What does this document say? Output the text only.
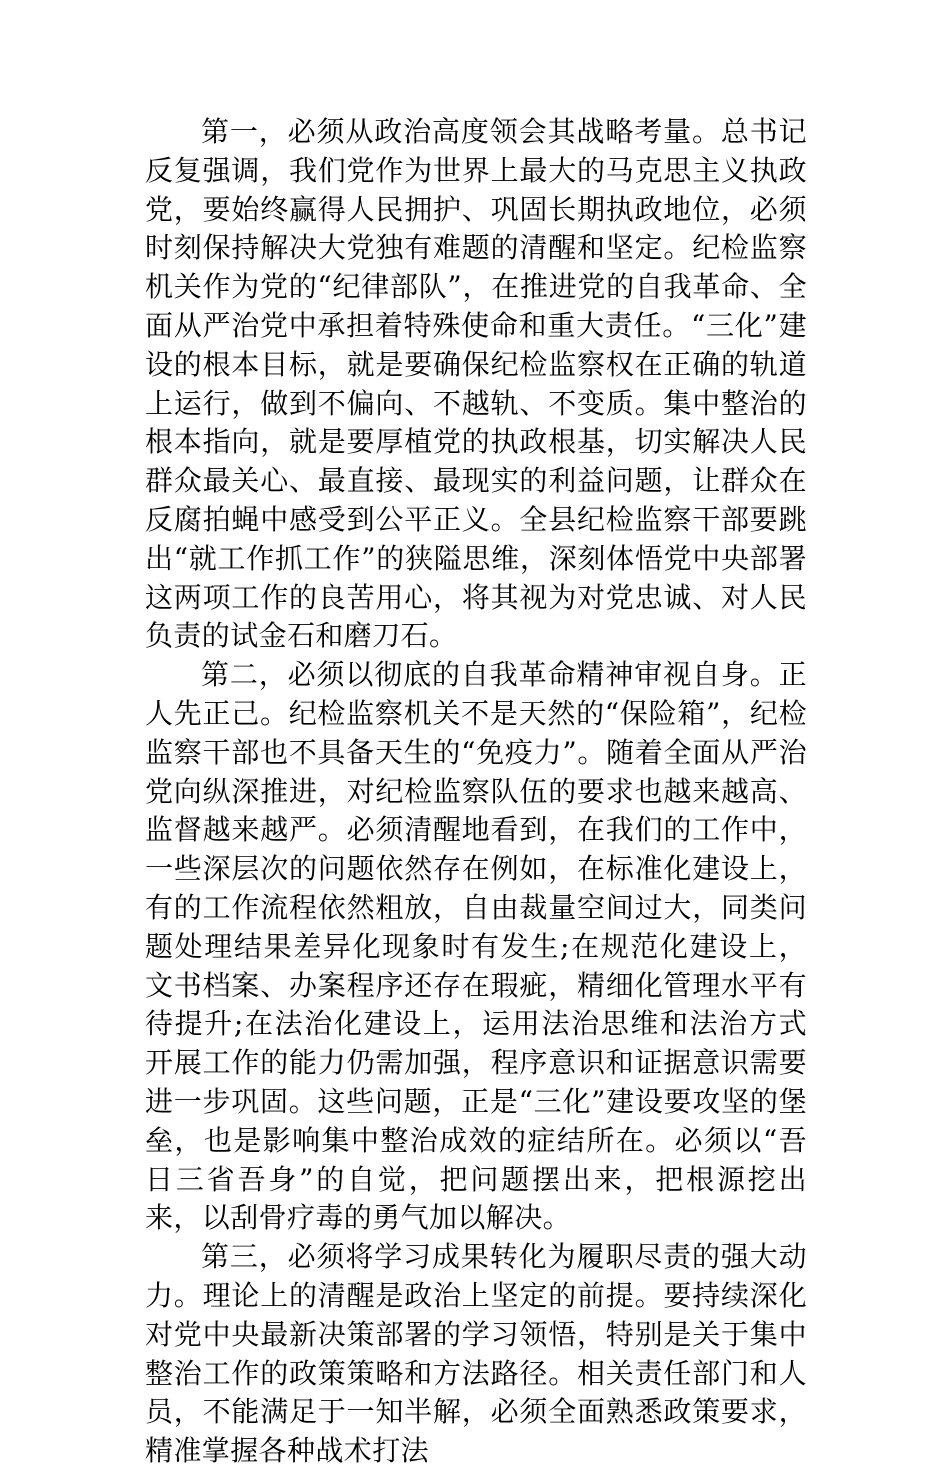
第一，必须从政治高度领会其战略考量。总书记反复强调，我们党作为世界上最大的马克思主义执政党，要始终赢得人民拥护、巩固长期执政地位，必须时刻保持解决大党独有难题的清醒和坚定。纪检监察机关作为党的“纪律部队”，在推进党的自我革命、全面从严治党中承担着特殊使命和重大责任。“三化”建设的根本目标，就是要确保纪检监察权在正确的轨道上运行，做到不偏向、不越轨、不变质。集中整治的根本指向，就是要厚植党的执政根基，切实解决人民群众最关心、最直接、最现实的利益问题，让群众在反腐拍蝇中感受到公平正义。全县纪检监察干部要跳出“就工作抓工作”的狭隘思维，深刻体悟党中央部署这两项工作的良苦用心，将其视为对党忠诚、对人民负责的试金石和磨刀石。

第二，必须以彻底的自我革命精神审视自身。正人先正己。纪检监察机关不是天然的“保险箱”，纪检监察干部也不具备天生的“免疫力”。随着全面从严治党向纵深推进，对纪检监察队伍的要求也越来越高、监督越来越严。必须清醒地看到，在我们的工作中，一些深层次的问题依然存在例如，在标准化建设上，有的工作流程依然粗放，自由裁量空间过大，同类问题处理结果差异化现象时有发生;在规范化建设上，文书档案、办案程序还存在瑕疵，精细化管理水平有待提升;在法治化建设上，运用法治思维和法治方式开展工作的能力仍需加强，程序意识和证据意识需要进一步巩固。这些问题，正是“三化”建设要攻坚的堡垒，也是影响集中整治成效的症结所在。必须以“吾日三省吾身”的自觉，把问题摆出来，把根源挖出来，以刮骨疗毒的勇气加以解决。

第三，必须将学习成果转化为履职尽责的强大动力。理论上的清醒是政治上坚定的前提。要持续深化对党中央最新决策部署的学习领悟，特别是关于集中整治工作的政策策略和方法路径。相关责任部门和人员，不能满足于一知半解，必须全面熟悉政策要求，精准掌握各种战术打法
